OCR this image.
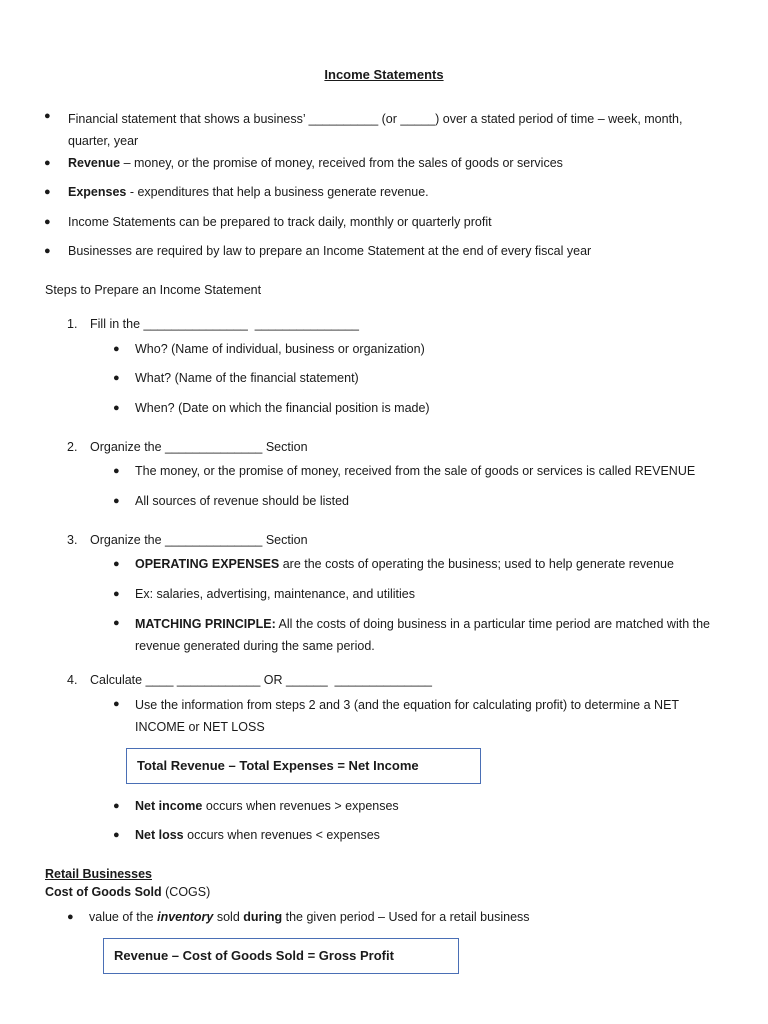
Income Statements
● Financial statement that shows a business’ __________ (or _____) over a stated period of time – week, month, quarter, year
● Revenue – money, or the promise of money, received from the sales of goods or services
● Expenses - expenditures that help a business generate revenue.
● Income Statements can be prepared to track daily, monthly or quarterly profit
● Businesses are required by law to prepare an Income Statement at the end of every fiscal year
Steps to Prepare an Income Statement
1. Fill in the _______________  _______________
● Who? (Name of individual, business or organization)
● What? (Name of the financial statement)
● When? (Date on which the financial position is made)
2. Organize the ______________ Section
● The money, or the promise of money, received from the sale of goods or services is called REVENUE
● All sources of revenue should be listed
3. Organize the ______________ Section
● OPERATING EXPENSES are the costs of operating the business; used to help generate revenue
● Ex: salaries, advertising, maintenance, and utilities
● MATCHING PRINCIPLE: All the costs of doing business in a particular time period are matched with the revenue generated during the same period.
4. Calculate ____ ____________ OR ______  ______________
● Use the information from steps 2 and 3 (and the equation for calculating profit) to determine a NET INCOME or NET LOSS
Total Revenue – Total Expenses = Net Income
● Net income occurs when revenues > expenses
● Net loss occurs when revenues < expenses
Retail Businesses
Cost of Goods Sold (COGS)
● value of the inventory sold during the given period – Used for a retail business
Revenue – Cost of Goods Sold = Gross Profit
